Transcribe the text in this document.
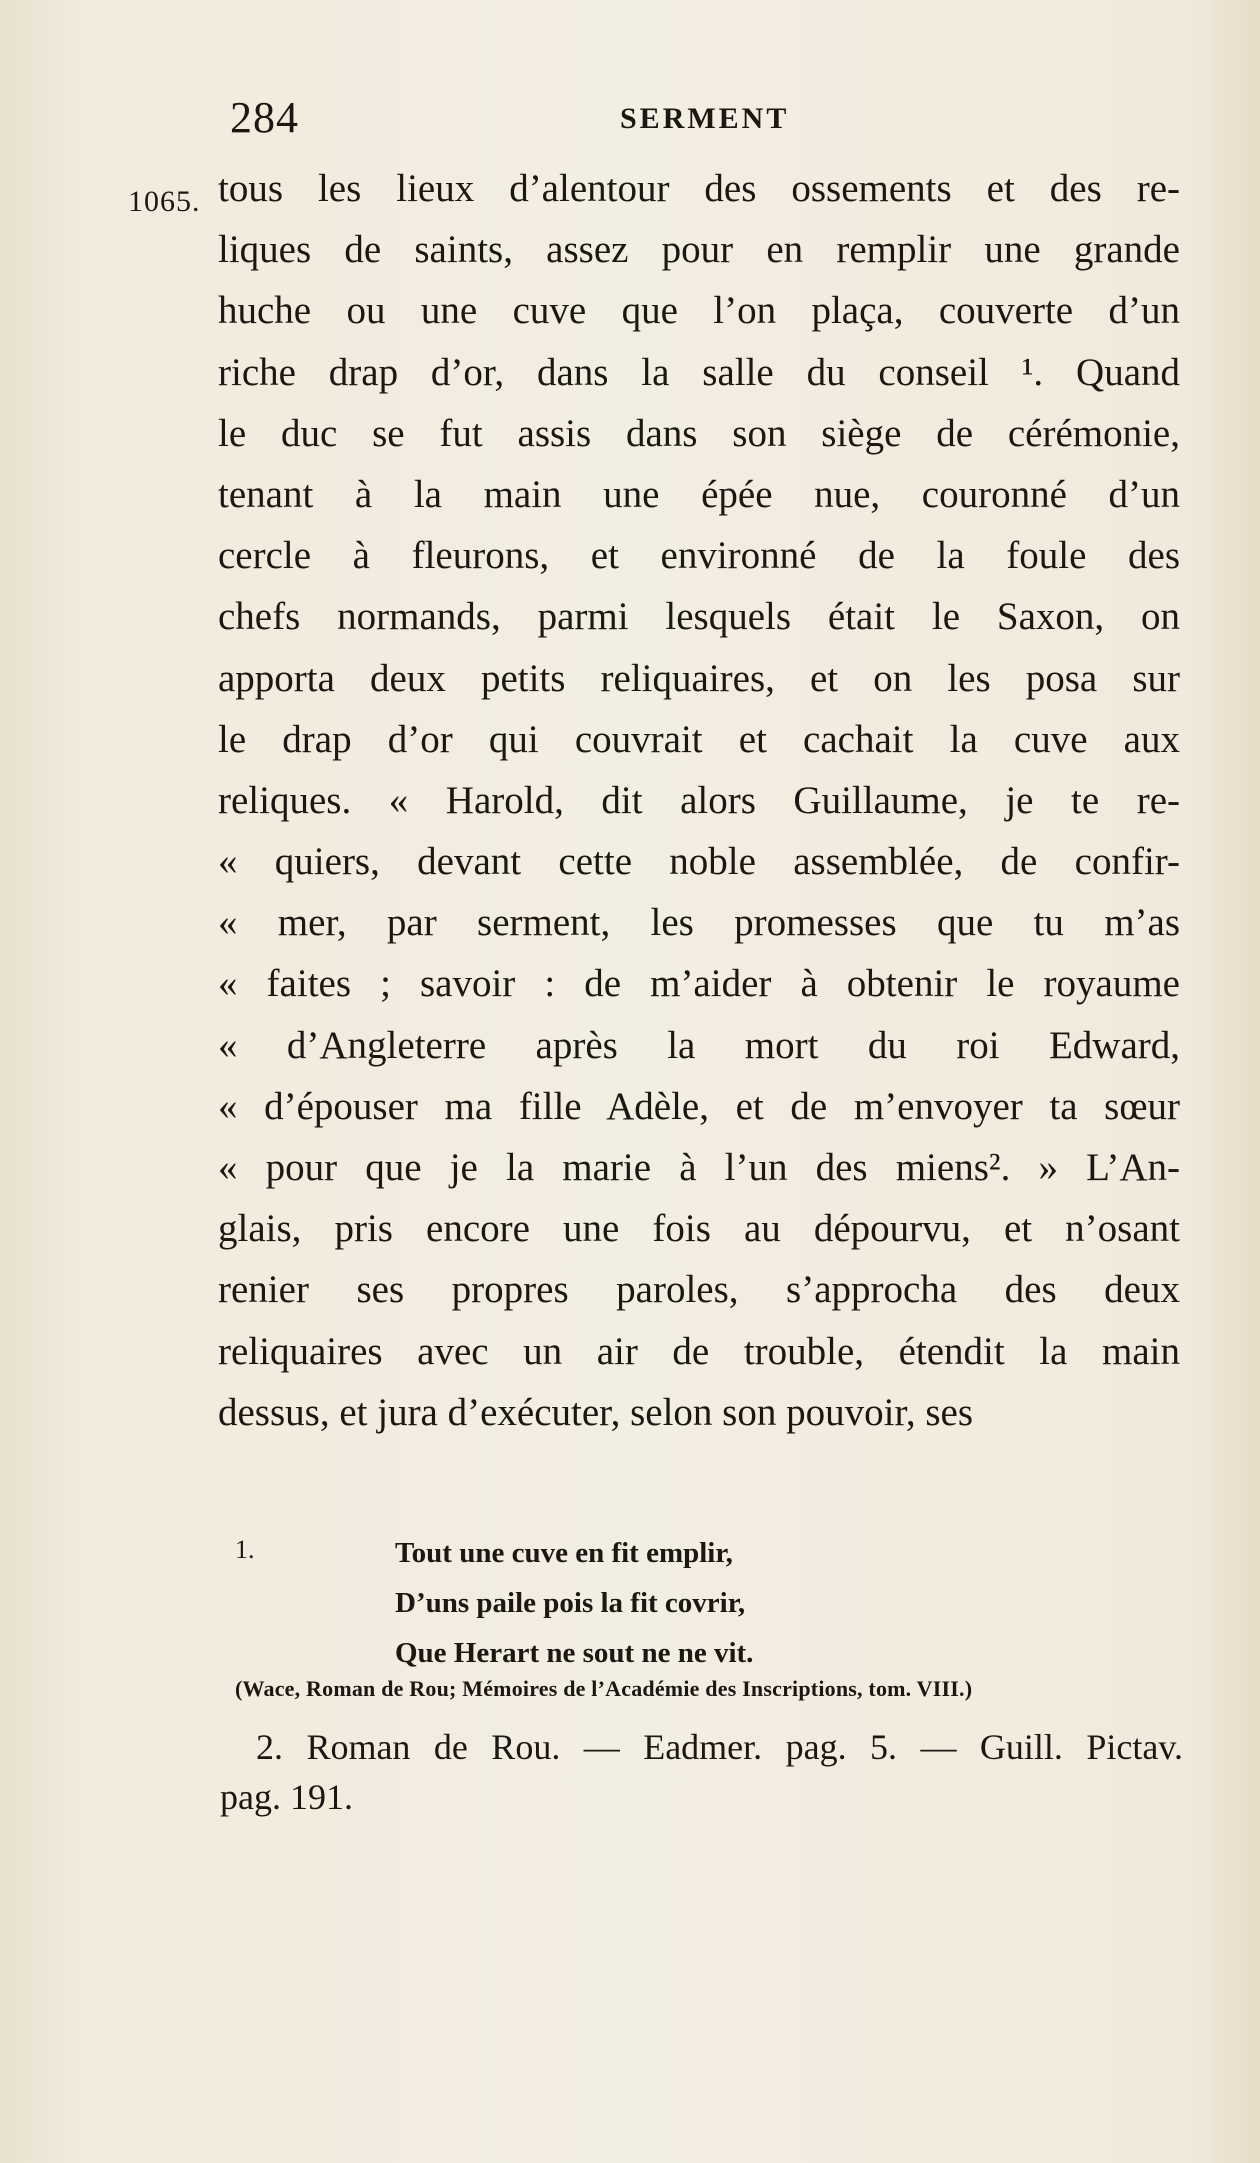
284	SERMENT
1065. tous les lieux d’alentour des ossements et des re-
liques de saints, assez pour en remplir une grande
huche ou une cuve que l’on plaça, couverte d’un
riche drap d’or, dans la salle du conseil ¹. Quand
le duc se fut assis dans son siège de cérémonie,
tenant à la main une épée nue, couronné d’un
cercle à fleurons, et environné de la foule des
chefs normands, parmi lesquels était le Saxon, on
apporta deux petits reliquaires, et on les posa sur
le drap d’or qui couvrait et cachait la cuve aux
reliques. « Harold, dit alors Guillaume, je te re-
« quiers, devant cette noble assemblée, de confir-
« mer, par serment, les promesses que tu m’as
« faites ; savoir : de m’aider à obtenir le royaume
« d’Angleterre après la mort du roi Edward,
« d’épouser ma fille Adèle, et de m’envoyer ta sœur
« pour que je la marie à l’un des miens². » L’An-
glais, pris encore une fois au dépourvu, et n’osant
renier ses propres paroles, s’approcha des deux
reliquaires avec un air de trouble, étendit la main
dessus, et jura d’exécuter, selon son pouvoir, ses
1.	Tout une cuve en fit emplir,
D’uns paile pois la fit covrir,
Que Herart ne sout ne ne vit.
(Wace, Roman de Rou; Mémoires de l’Académie des Inscriptions, tom. VIII.)
2. Roman de Rou. — Eadmer. pag. 5. — Guill. Pictav.
pag. 191.
